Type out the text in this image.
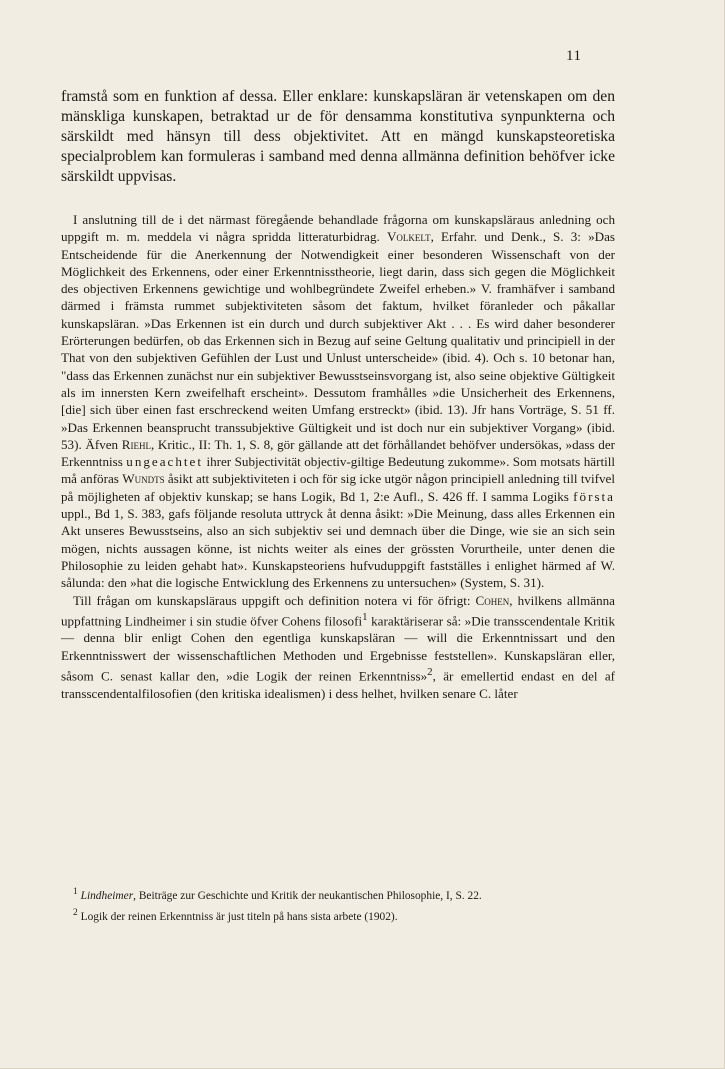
11

framstå som en funktion af dessa. Eller enklare: kunskapsläran är vetenskapen om den mänskliga kunskapen, betraktad ur de för densamma konstitutiva synpunkterna och särskildt med hänsyn till dess objektivitet. Att en mängd kunskapsteoretiska specialproblem kan formuleras i samband med denna allmänna definition behöfver icke särskildt uppvisas.

I anslutning till de i det närmast föregående behandlade frågorna om kunskapsläraus anledning och uppgift m. m. meddela vi några spridda litteraturbidrag. Volkelt, Erfahr. und Denk., S. 3: »Das Entscheidende für die Anerkennung der Notwendigkeit einer besonderen Wissenschaft von der Möglichkeit des Erkennens, oder einer Erkenntnisstheorie, liegt darin, dass sich gegen die Möglichkeit des objectiven Erkennens gewichtige und wohlbegründete Zweifel erheben.» V. framhäfver i samband därmed i främsta rummet subjektiviteten såsom det faktum, hvilket föranleder och påkallar kunskapsläran. »Das Erkennen ist ein durch und durch subjektiver Akt . . . Es wird daher besonderer Erörterungen bedürfen, ob das Erkennen sich in Bezug auf seine Geltung qualitativ und principiell in der That von den subjektiven Gefühlen der Lust und Unlust unterscheide» (ibid. 4). Och s. 10 betonar han, "dass das Erkennen zunächst nur ein subjektiver Bewusstseinsvorgang ist, also seine objektive Gültigkeit als im innersten Kern zweifelhaft erscheint». Dessutom framhålles »die Unsicherheit des Erkennens, [die] sich über einen fast erschreckend weiten Umfang erstreckt» (ibid. 13). Jfr hans Vorträge, S. 51 ff. »Das Erkennen beansprucht transsubjektive Gültigkeit und ist doch nur ein subjektiver Vorgang» (ibid. 53). Äfven Riehl, Kritic., II: Th. 1, S. 8, gör gällande att det förhållandet behöfver undersökas, »dass der Erkenntniss ungeachtet ihrer Subjectivität objectiv-giltige Bedeutung zukomme». Som motsats härtill må anföras Wundts åsikt att subjektiviteten i och för sig icke utgör någon principiell anledning till tvifvel på möjligheten af objektiv kunskap; se hans Logik, Bd 1, 2:e Aufl., S. 426 ff. I samma Logiks första uppl., Bd 1, S. 383, gafs följande resoluta uttryck åt denna åsikt: »Die Meinung, dass alles Erkennen ein Akt unseres Bewusstseins, also an sich subjektiv sei und demnach über die Dinge, wie sie an sich sein mögen, nichts aussagen könne, ist nichts weiter als eines der grössten Vorurtheile, unter denen die Philosophie zu leiden gehabt hat». Kunskapsteoriens hufvuduppgift fastställes i enlighet härmed af W. sålunda: den »hat die logische Entwicklung des Erkennens zu untersuchen» (System, S. 31).

Till frågan om kunskapsläraus uppgift och definition notera vi för öfrigt: Cohen, hvilkens allmänna uppfattning Lindheimer i sin studie öfver Cohens filosofi$^1$ karaktäriserar så: »Die transscendentale Kritik — denna blir enligt Cohen den egentliga kunskapsläran — will die Erkenntnissart und den Erkenntnisswert der wissenschaftlichen Methoden und Ergebnisse feststellen». Kunskapsläran eller, såsom C. senast kallar den, »die Logik der reinen Erkenntniss»$^2$, är emellertid endast en del af transscendentalfilosofien (den kritiska idealismen) i dess helhet, hvilken senare C. låter

$^1$ Lindheimer, Beiträge zur Geschichte und Kritik der neukantischen Philosophie, I, S. 22.

$^2$ Logik der reinen Erkenntniss är just titeln på hans sista arbete (1902).
